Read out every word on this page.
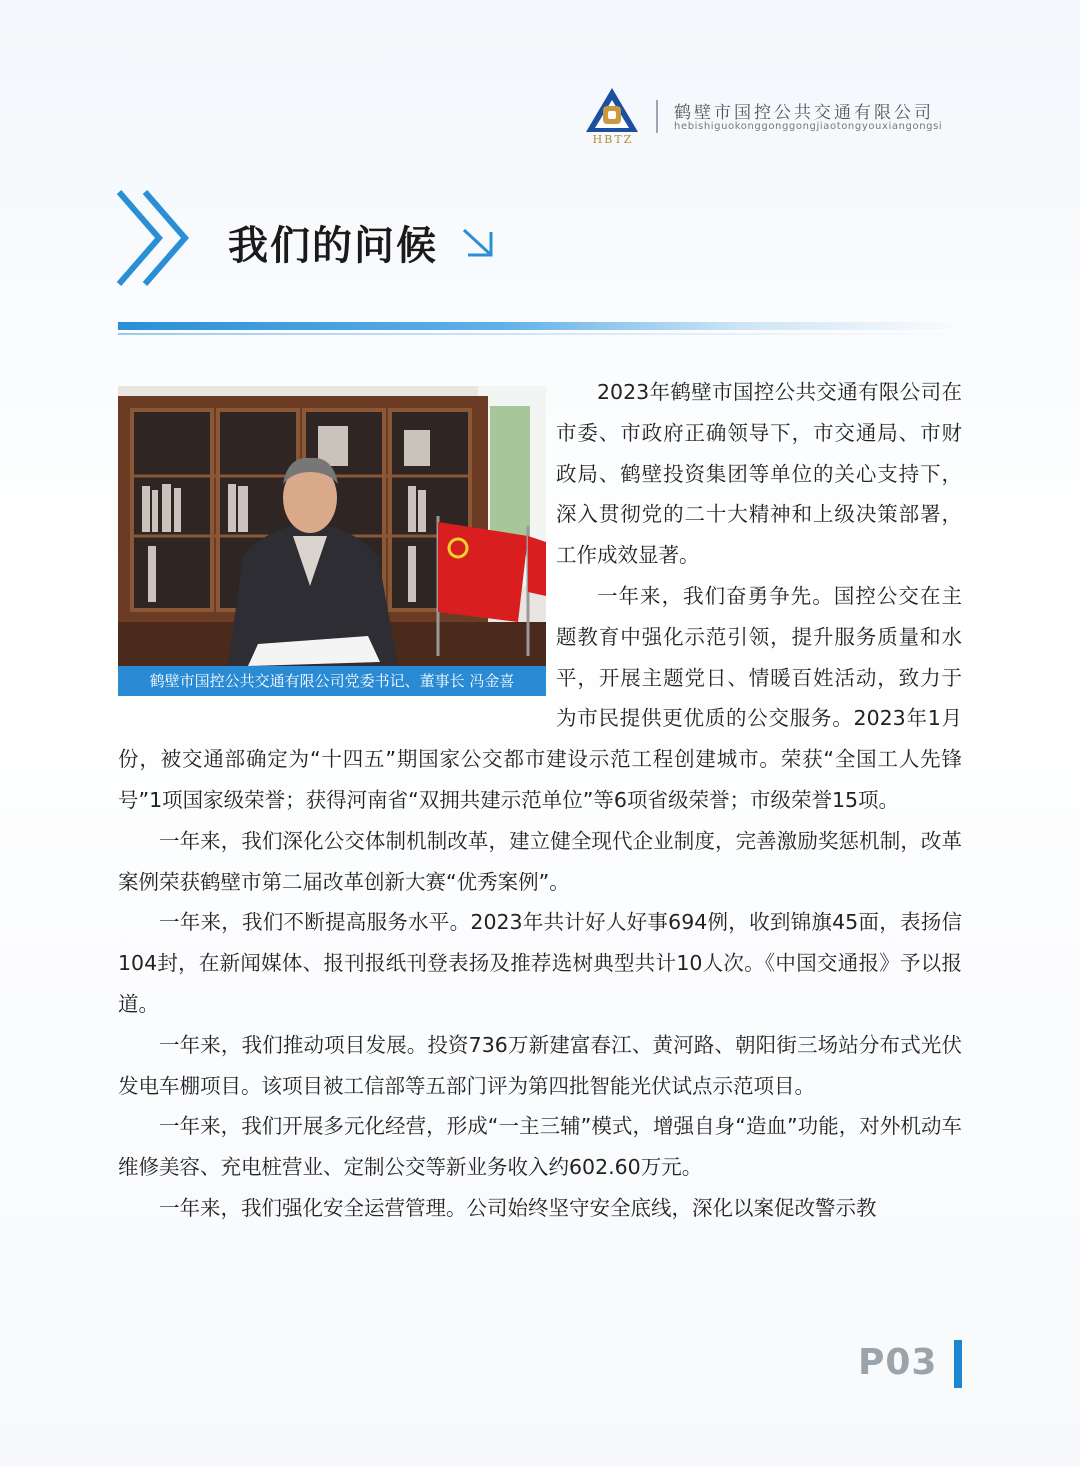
HBTZ
鹤壁市国控公共交通有限公司
hebishiguokonggonggongjiaotongyouxiangongsi
我们的问候
鹤壁市国控公共交通有限公司党委书记、董事长 冯金喜

2023年鹤壁市国控公共交通有限公司在市委、市政府正确领导下，市交通局、市财政局、鹤壁投资集团等单位的关心支持下，深入贯彻党的二十大精神和上级决策部署，工作成效显著。

一年来，我们奋勇争先。国控公交在主题教育中强化示范引领，提升服务质量和水平，开展主题党日、情暖百姓活动，致力于为市民提供更优质的公交服务。2023年1月份，被交通部确定为“十四五”期国家公交都市建设示范工程创建城市。荣获“全国工人先锋号”1项国家级荣誉；获得河南省“双拥共建示范单位”等6项省级荣誉；市级荣誉15项。

一年来，我们深化公交体制机制改革，建立健全现代企业制度，完善激励奖惩机制，改革案例荣获鹤壁市第二届改革创新大赛“优秀案例”。

一年来，我们不断提高服务水平。2023年共计好人好事694例，收到锦旗45面，表扬信104封，在新闻媒体、报刊报纸刊登表扬及推荐选树典型共计10人次。《中国交通报》予以报道。

一年来，我们推动项目发展。投资736万新建富春江、黄河路、朝阳街三场站分布式光伏发电车棚项目。该项目被工信部等五部门评为第四批智能光伏试点示范项目。

一年来，我们开展多元化经营，形成“一主三辅”模式，增强自身“造血”功能，对外机动车维修美容、充电桩营业、定制公交等新业务收入约602.60万元。

一年来，我们强化安全运营管理。公司始终坚守安全底线，深化以案促改警示教

P03
